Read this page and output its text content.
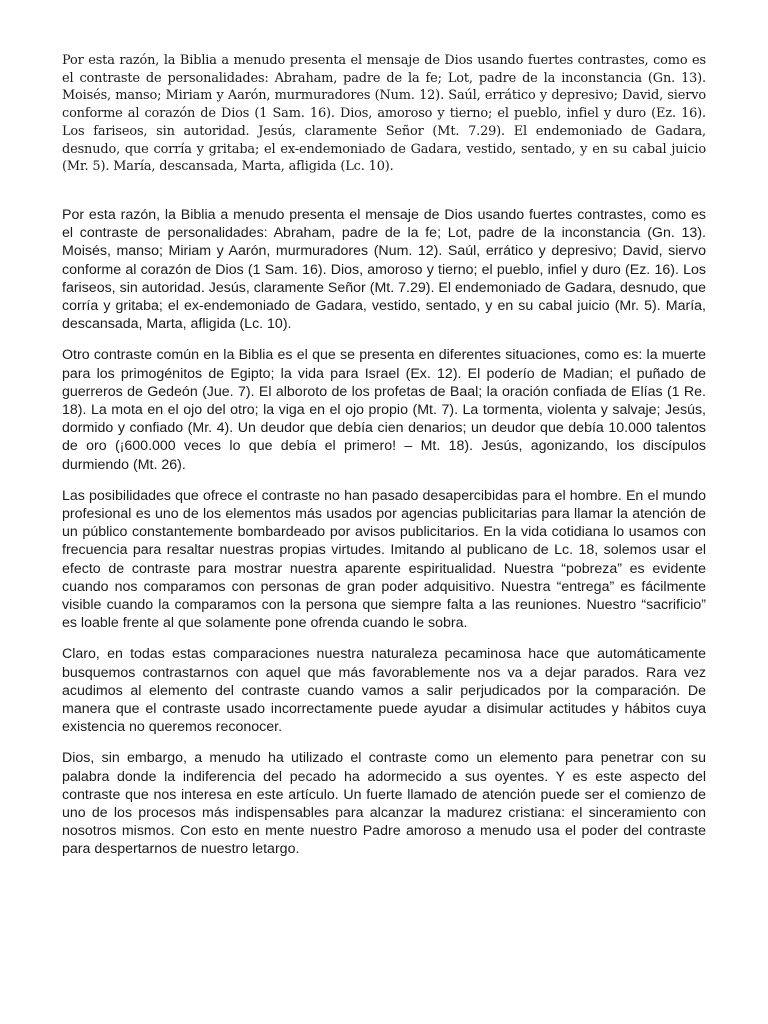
Por esta razón, la Biblia a menudo presenta el mensaje de Dios usando fuertes contrastes, como es el contraste de personalidades: Abraham, padre de la fe; Lot, padre de la inconstancia (Gn. 13). Moisés, manso; Miriam y Aarón, murmuradores (Num. 12). Saúl, errático y depresivo; David, siervo conforme al corazón de Dios (1 Sam. 16). Dios, amoroso y tierno; el pueblo, infiel y duro (Ez. 16). Los fariseos, sin autoridad. Jesús, claramente Señor (Mt. 7.29). El endemoniado de Gadara, desnudo, que corría y gritaba; el ex-endemoniado de Gadara, vestido, sentado, y en su cabal juicio (Mr. 5). María, descansada, Marta, afligida (Lc. 10).

Por esta razón, la Biblia a menudo presenta el mensaje de Dios usando fuertes contrastes, como es el contraste de personalidades: Abraham, padre de la fe; Lot, padre de la inconstancia (Gn. 13). Moisés, manso; Miriam y Aarón, murmuradores (Num. 12). Saúl, errático y depresivo; David, siervo conforme al corazón de Dios (1 Sam. 16). Dios, amoroso y tierno; el pueblo, infiel y duro (Ez. 16). Los fariseos, sin autoridad. Jesús, claramente Señor (Mt. 7.29). El endemoniado de Gadara, desnudo, que corría y gritaba; el ex-endemoniado de Gadara, vestido, sentado, y en su cabal juicio (Mr. 5). María, descansada, Marta, afligida (Lc. 10).

Otro contraste común en la Biblia es el que se presenta en diferentes situaciones, como es: la muerte para los primogénitos de Egipto; la vida para Israel (Ex. 12). El poderío de Madian; el puñado de guerreros de Gedeón (Jue. 7). El alboroto de los profetas de Baal; la oración confiada de Elías (1 Re. 18). La mota en el ojo del otro; la viga en el ojo propio (Mt. 7). La tormenta, violenta y salvaje; Jesús, dormido y confiado (Mr. 4). Un deudor que debía cien denarios; un deudor que debía 10.000 talentos de oro (¡600.000 veces lo que debía el primero! – Mt. 18). Jesús, agonizando, los discípulos durmiendo (Mt. 26).

Las posibilidades que ofrece el contraste no han pasado desapercibidas para el hombre. En el mundo profesional es uno de los elementos más usados por agencias publicitarias para llamar la atención de un público constantemente bombardeado por avisos publicitarios. En la vida cotidiana lo usamos con frecuencia para resaltar nuestras propias virtudes. Imitando al publicano de Lc. 18, solemos usar el efecto de contraste para mostrar nuestra aparente espiritualidad. Nuestra “pobreza” es evidente cuando nos comparamos con personas de gran poder adquisitivo. Nuestra “entrega” es fácilmente visible cuando la comparamos con la persona que siempre falta a las reuniones. Nuestro “sacrificio” es loable frente al que solamente pone ofrenda cuando le sobra.

Claro, en todas estas comparaciones nuestra naturaleza pecaminosa hace que automáticamente busquemos contrastarnos con aquel que más favorablemente nos va a dejar parados. Rara vez acudimos al elemento del contraste cuando vamos a salir perjudicados por la comparación. De manera que el contraste usado incorrectamente puede ayudar a disimular actitudes y hábitos cuya existencia no queremos reconocer.

Dios, sin embargo, a menudo ha utilizado el contraste como un elemento para penetrar con su palabra donde la indiferencia del pecado ha adormecido a sus oyentes. Y es este aspecto del contraste que nos interesa en este artículo. Un fuerte llamado de atención puede ser el comienzo de uno de los procesos más indispensables para alcanzar la madurez cristiana: el sinceramiento con nosotros mismos. Con esto en mente nuestro Padre amoroso a menudo usa el poder del contraste para despertarnos de nuestro letargo.
